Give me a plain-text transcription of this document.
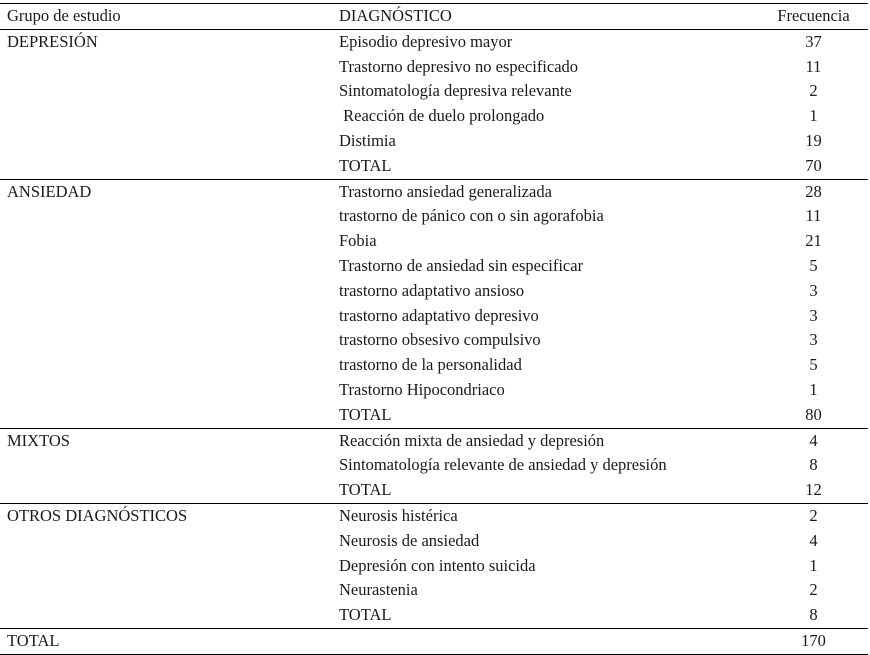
Grupo de estudio	DIAGNÓSTICO	Frecuencia
DEPRESIÓN	Episodio depresivo mayor	37
	Trastorno depresivo no especificado	11
	Sintomatología depresiva relevante	2
	Reacción de duelo prolongado	1
	Distimia	19
	TOTAL	70
ANSIEDAD	Trastorno ansiedad generalizada	28
	trastorno de pánico con o sin agorafobia	11
	Fobia	21
	Trastorno de ansiedad sin especificar	5
	trastorno adaptativo ansioso	3
	trastorno adaptativo depresivo	3
	trastorno obsesivo compulsivo	3
	trastorno de la personalidad	5
	Trastorno Hipocondriaco	1
	TOTAL	80
MIXTOS	Reacción mixta de ansiedad y depresión	4
	Sintomatología relevante de ansiedad y depresión	8
	TOTAL	12
OTROS DIAGNÓSTICOS	Neurosis histérica	2
	Neurosis de ansiedad	4
	Depresión con intento suicida	1
	Neurastenia	2
	TOTAL	8
TOTAL		170
